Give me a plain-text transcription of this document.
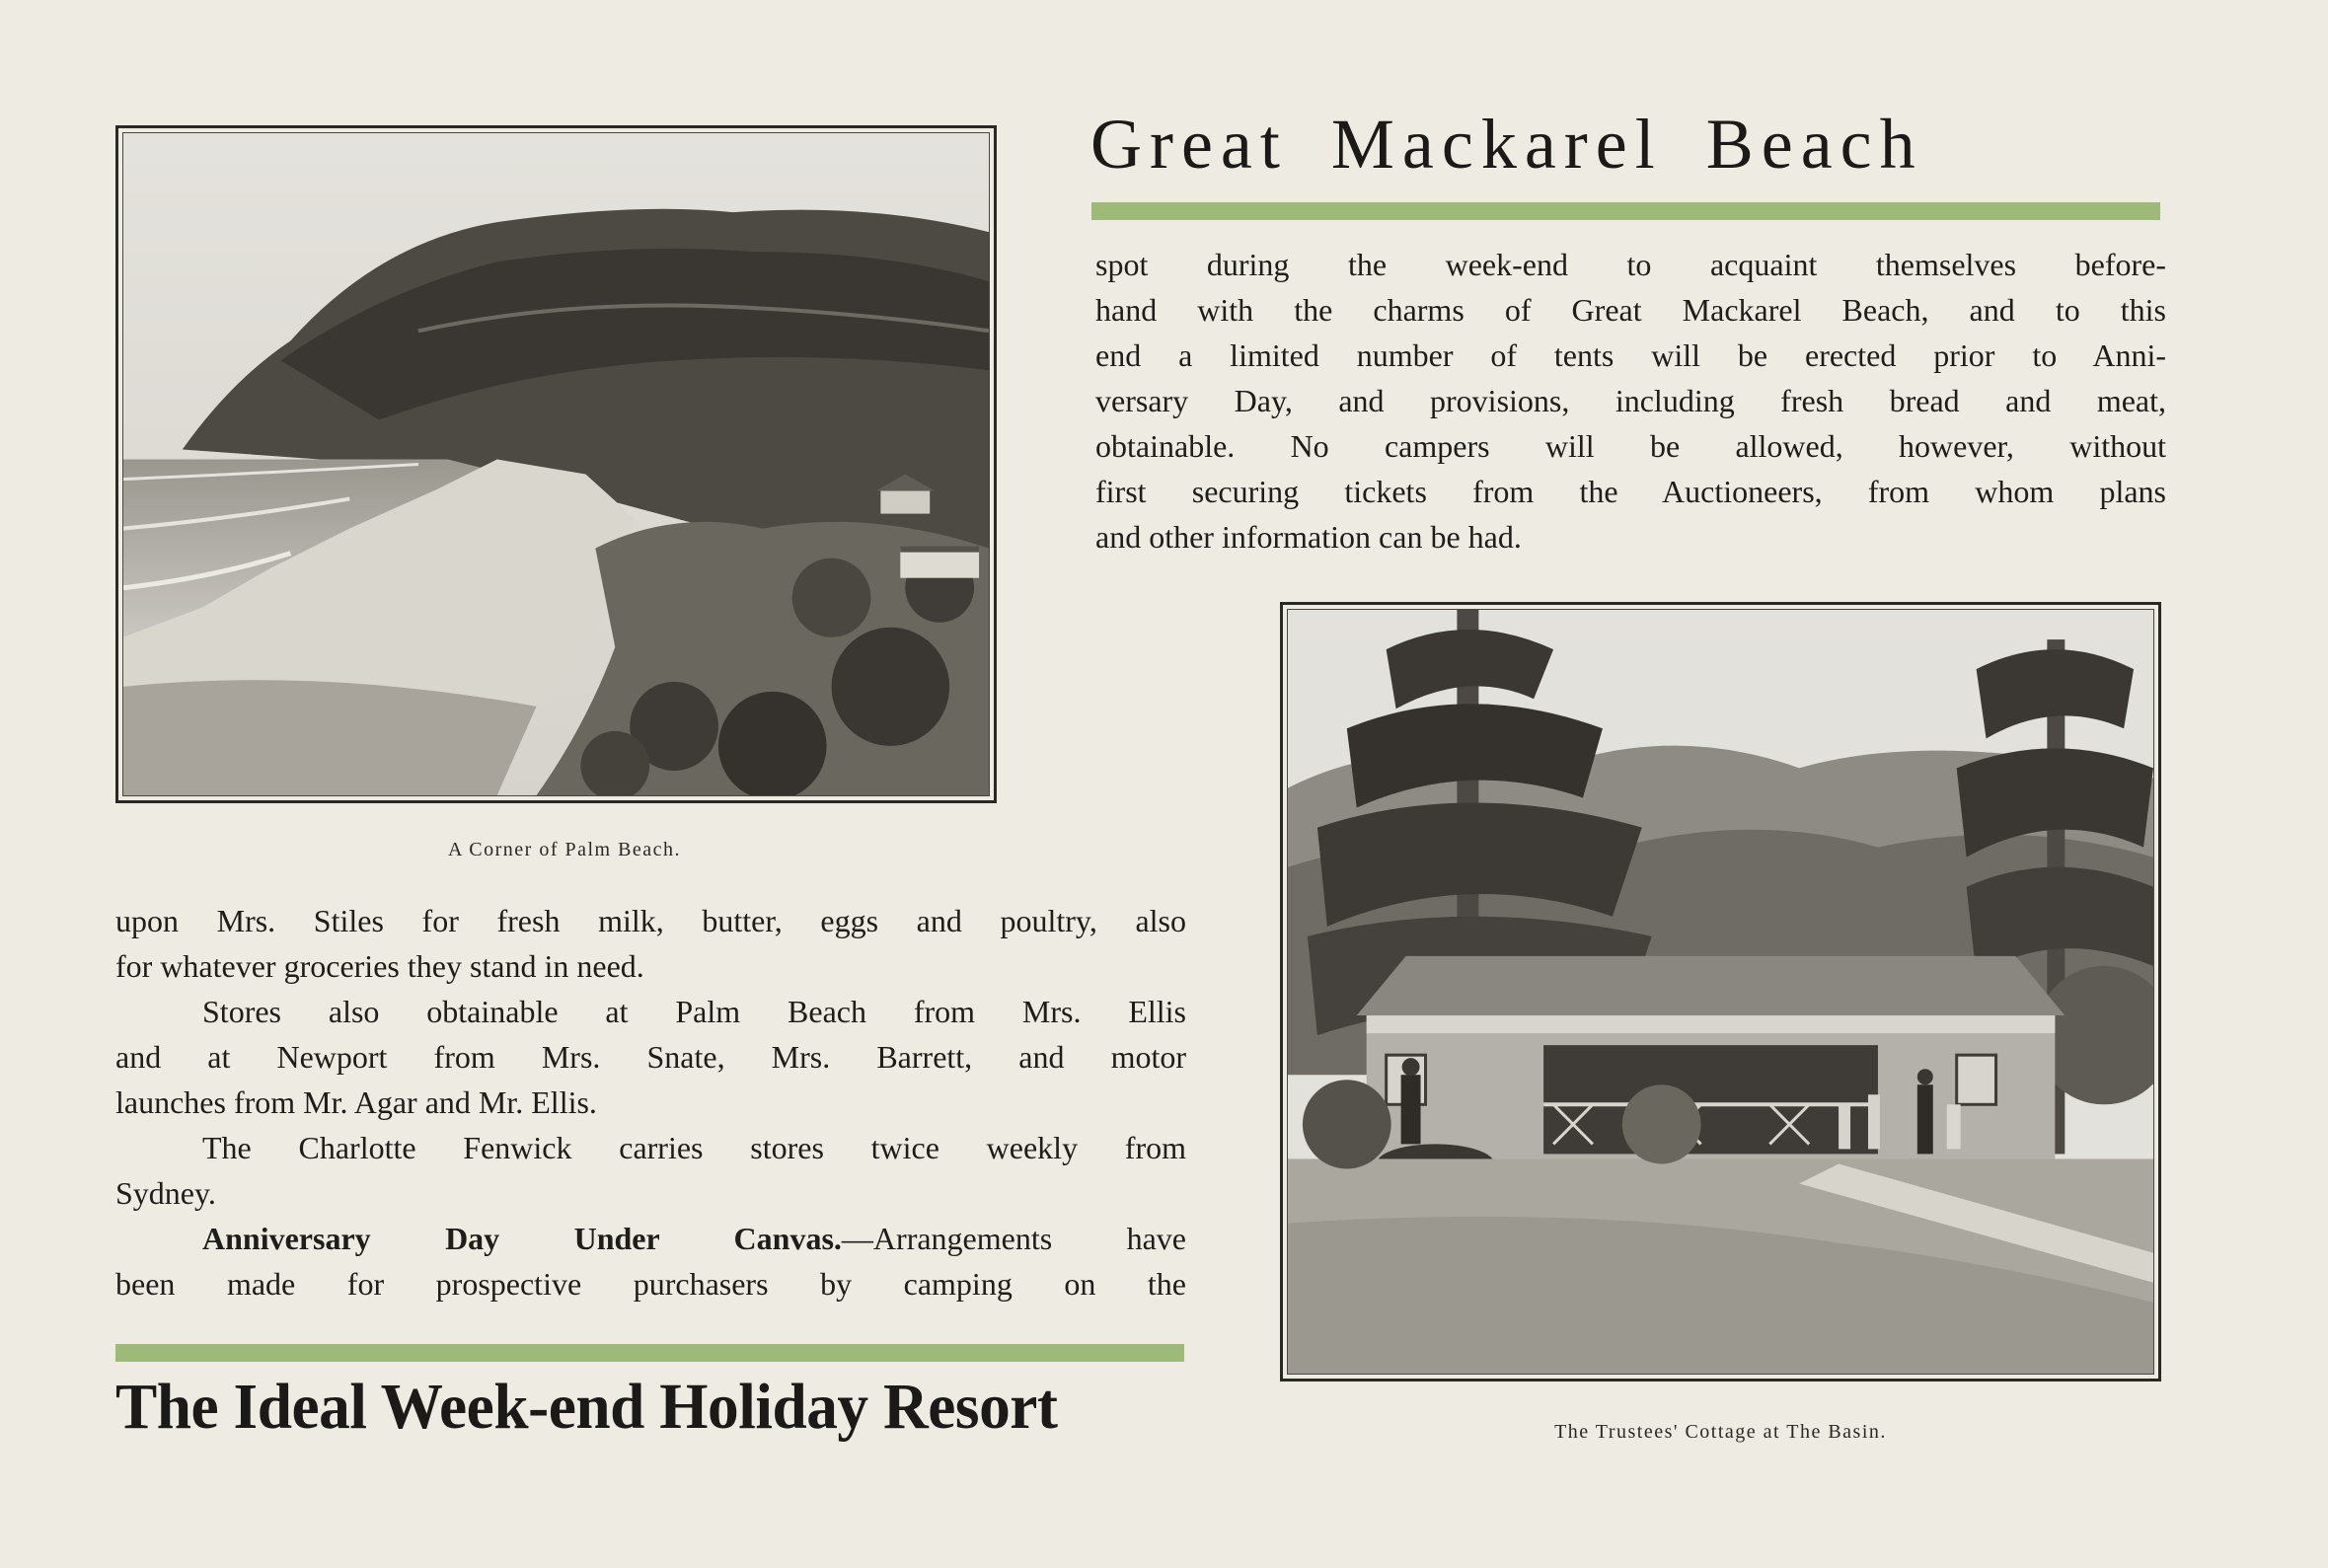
A Corner of Palm Beach.
Great Mackarel Beach
spot during the week-end to acquaint themselves before-
hand with the charms of Great Mackarel Beach, and to this
end a limited number of tents will be erected prior to Anni-
versary Day, and provisions, including fresh bread and meat,
obtainable. No campers will be allowed, however, without
first securing tickets from the Auctioneers, from whom plans
and other information can be had.
The Trustees' Cottage at The Basin.
upon Mrs. Stiles for fresh milk, butter, eggs and poultry, also
for whatever groceries they stand in need.
Stores also obtainable at Palm Beach from Mrs. Ellis
and at Newport from Mrs. Snate, Mrs. Barrett, and motor
launches from Mr. Agar and Mr. Ellis.
The Charlotte Fenwick carries stores twice weekly from
Sydney.
Anniversary Day Under Canvas.—Arrangements have
been made for prospective purchasers by camping on the
The Ideal Week-end Holiday Resort
